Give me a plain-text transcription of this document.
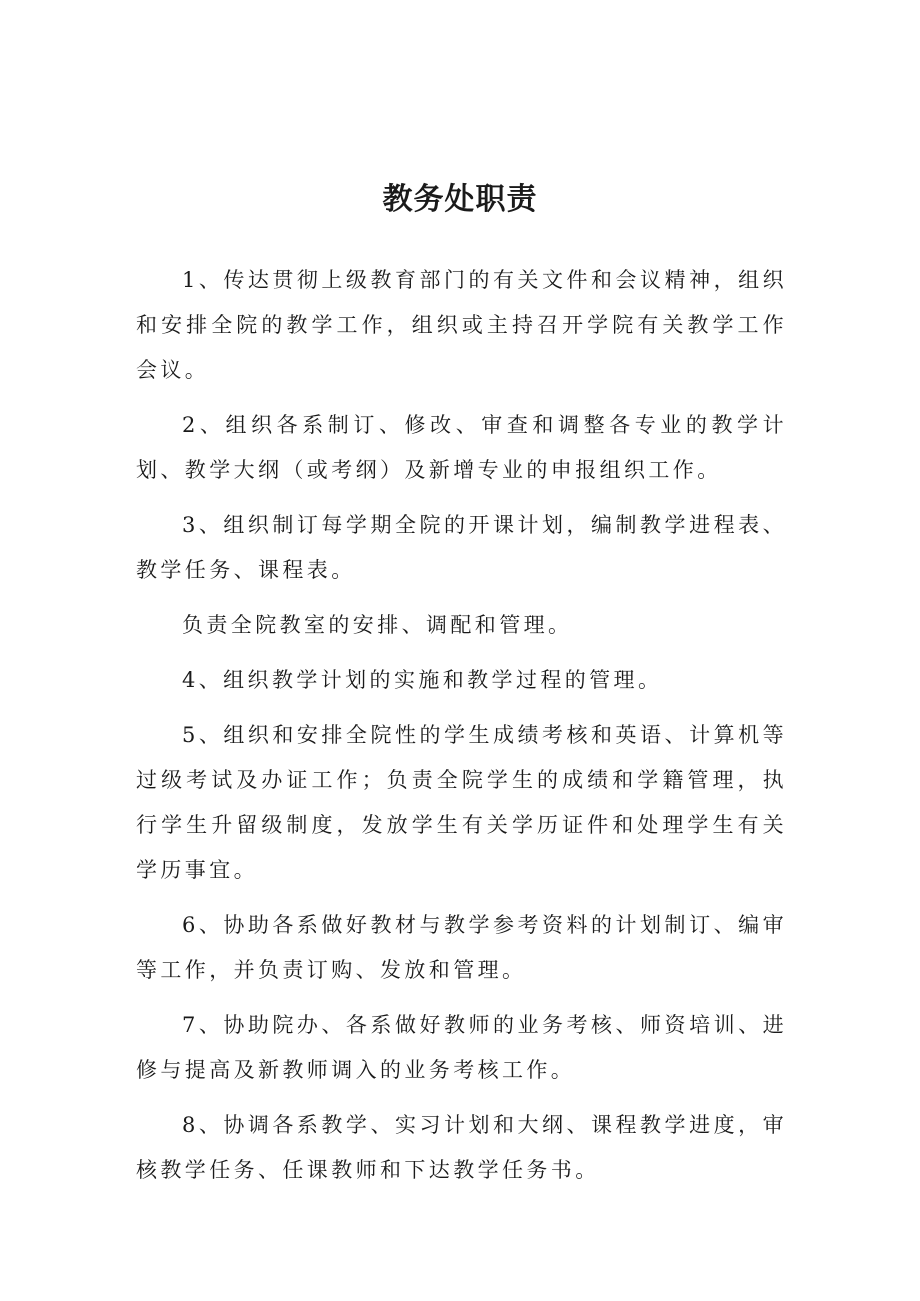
教务处职责

1、传达贯彻上级教育部门的有关文件和会议精神，组织和安排全院的教学工作，组织或主持召开学院有关教学工作会议。

2、组织各系制订、修改、审查和调整各专业的教学计划、教学大纲（或考纲）及新增专业的申报组织工作。

3、组织制订每学期全院的开课计划，编制教学进程表、教学任务、课程表。

负责全院教室的安排、调配和管理。

4、组织教学计划的实施和教学过程的管理。

5、组织和安排全院性的学生成绩考核和英语、计算机等过级考试及办证工作；负责全院学生的成绩和学籍管理，执行学生升留级制度，发放学生有关学历证件和处理学生有关学历事宜。

6、协助各系做好教材与教学参考资料的计划制订、编审等工作，并负责订购、发放和管理。

7、协助院办、各系做好教师的业务考核、师资培训、进修与提高及新教师调入的业务考核工作。

8、协调各系教学、实习计划和大纲、课程教学进度，审核教学任务、任课教师和下达教学任务书。
